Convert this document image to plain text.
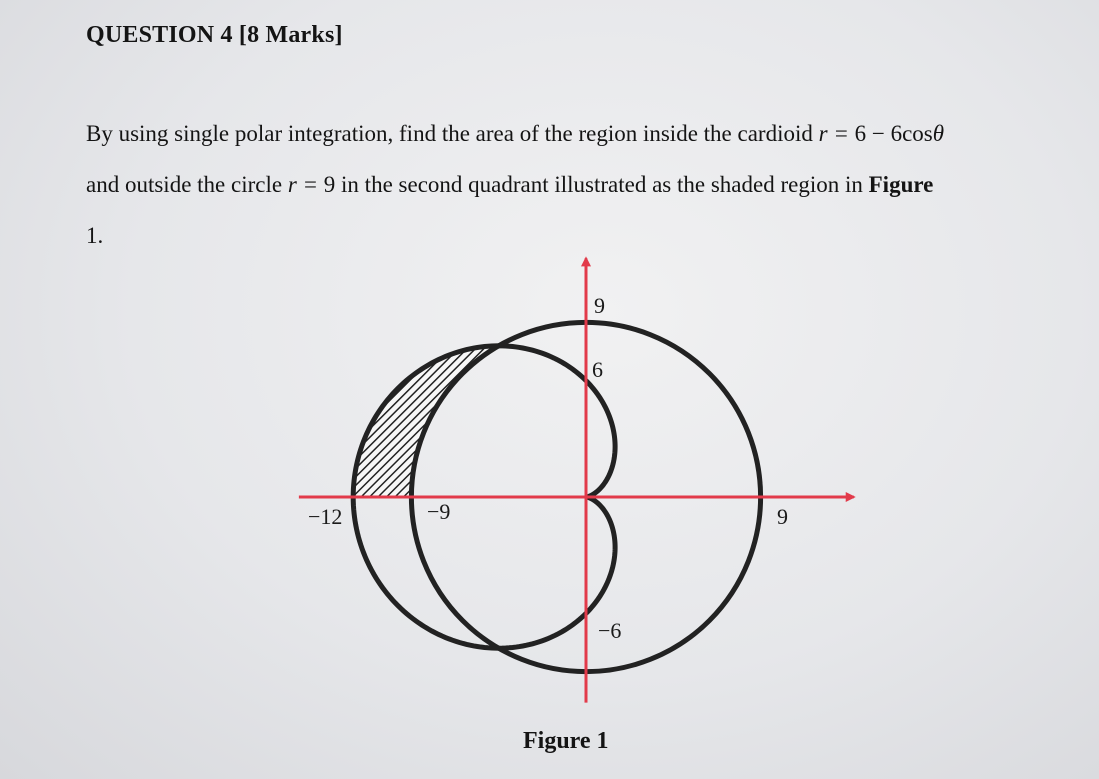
QUESTION 4 [8 Marks]

By using single polar integration, find the area of the region inside the cardioid r = 6 − 6cosθ
and outside the circle r = 9 in the second quadrant illustrated as the shaded region in Figure
1.

9
6
−6
−12	−9	9

Figure 1
